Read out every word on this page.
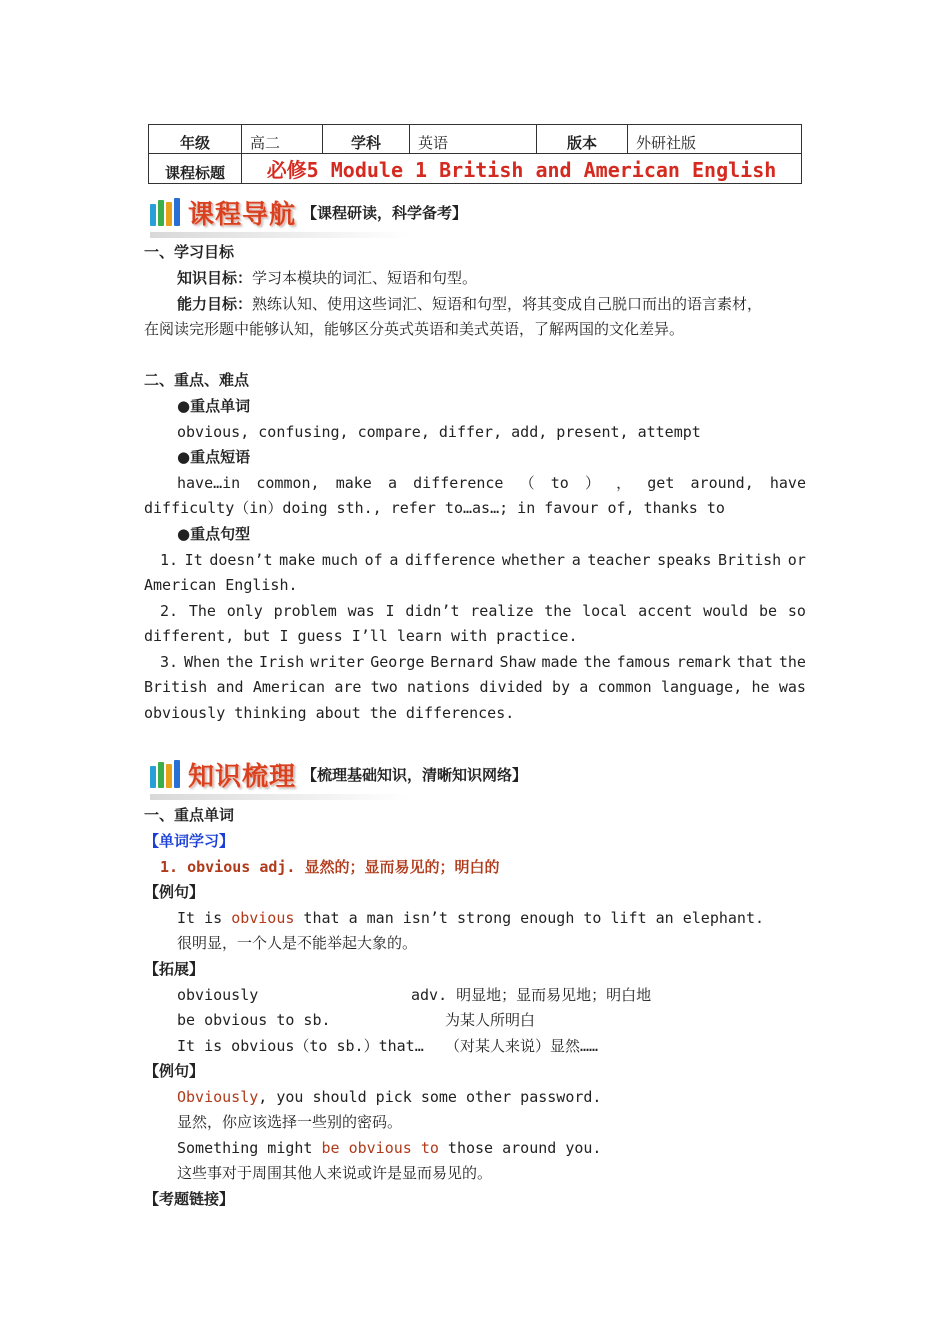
年级	高二	学科	英语	版本	外研社版
课程标题	必修5 Module 1 British and American English				
课程导航 【课程研读，科学备考】
一、学习目标
知识目标：学习本模块的词汇、短语和句型。
能力目标：熟练认知、使用这些词汇、短语和句型，将其变成自己脱口而出的语言素材，
在阅读完形题中能够认知，能够区分英式英语和美式英语，了解两国的文化差异。
二、重点、难点
●重点单词
obvious, confusing, compare, differ, add, present, attempt
●重点短语
have…in common, make a difference （ to ） ， get around, have
difficulty（in）doing sth., refer to…as…; in favour of, thanks to
●重点句型
1. It doesn’t make much of a difference whether a teacher speaks British or
American English.
2. The only problem was I didn’t realize the local accent would be so
different, but I guess I’ll learn with practice.
3. When the Irish writer George Bernard Shaw made the famous remark that the
British and American are two nations divided by a common language, he was
obviously thinking about the differences.
知识梳理 【梳理基础知识，清晰知识网络】
一、重点单词
【单词学习】
1. obvious adj. 显然的；显而易见的；明白的
【例句】
It is obvious that a man isn’t strong enough to lift an elephant.
很明显，一个人是不能举起大象的。
【拓展】
obviously	adv. 明显地；显而易见地；明白地
be obvious to sb.	为某人所明白
It is obvious（to sb.）that… （对某人来说）显然……
【例句】
Obviously, you should pick some other password.
显然，你应该选择一些别的密码。
Something might be obvious to those around you.
这些事对于周围其他人来说或许是显而易见的。
【考题链接】
